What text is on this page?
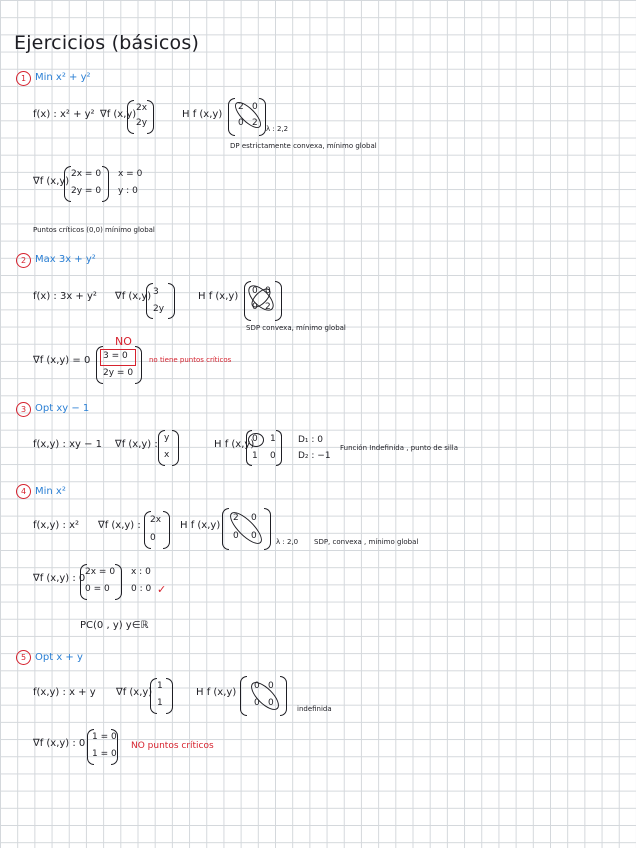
Ejercicios (básicos)
1 Min x² + y²
f(x) : x² + y² ∇f (x,y)
2x
2y
H f (x,y)
2 0
0 2
λ : 2,2
DP estrictamente convexa, mínimo global
∇f (x,y)
2x = 0
2y = 0
x = 0
y : 0
Puntos críticos (0,0) mínimo global
2 Max 3x + y²
f(x) : 3x + y² ∇f (x,y) 3
2y
H f (x,y) 0 0
0 2
SDP convexa, mínimo global
∇f (x,y) = 0
NO
3 = 0
2y = 0
no tiene puntos críticos
3 Opt xy − 1
f(x,y) : xy − 1 ∇f (x,y) :
y
x
H f (x,y)
0 1
1 0
D₁ : 0
D₂ : −1
Función Indefinida , punto de silla
4 Min x²
f(x,y) : x² ∇f (x,y) : 2x
0
H f (x,y)
2 0
0 0
λ : 2,0 SDP, convexa , mínimo global
∇f (x,y) : 0
2x = 0
0 = 0
x : 0
0 : 0 ✓
PC(0 , y) y∈ℝ
5 Opt x + y
f(x,y) : x + y ∇f (x,y)
1
1
H f (x,y)
0 0
0 0
indefinida
∇f (x,y) : 0
1 = 0
1 = 0
NO puntos críticos
